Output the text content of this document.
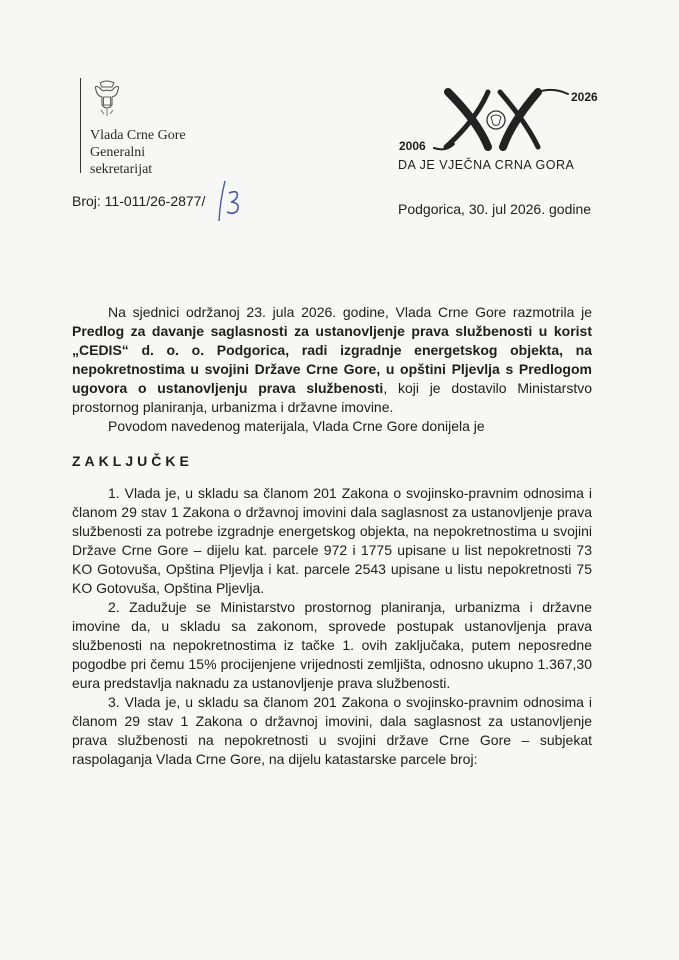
Vlada Crne Gore
Generalni
sekretarijat
2026
2006
DA JE VJEČNA CRNA GORA
Broj: 11-011/26-2877/	Podgorica, 30. jul 2026. godine

Na sjednici održanoj 23. jula 2026. godine, Vlada Crne Gore razmotrila je Predlog za davanje saglasnosti za ustanovljenje prava službenosti u korist „CEDIS“ d. o. o. Podgorica, radi izgradnje energetskog objekta, na nepokretnostima u svojini Države Crne Gore, u opštini Pljevlja s Predlogom ugovora o ustanovljenju prava službenosti, koji je dostavilo Ministarstvo prostornog planiranja, urbanizma i državne imovine.

Povodom navedenog materijala, Vlada Crne Gore donijela je

ZAKLJUČKE

1. Vlada je, u skladu sa članom 201 Zakona o svojinsko-pravnim odnosima i članom 29 stav 1 Zakona o državnoj imovini dala saglasnost za ustanovljenje prava službenosti za potrebe izgradnje energetskog objekta, na nepokretnostima u svojini Države Crne Gore – dijelu kat. parcele 972 i 1775 upisane u list nepokretnosti 73 KO Gotovuša, Opština Pljevlja i kat. parcele 2543 upisane u listu nepokretnosti 75 KO Gotovuša, Opština Pljevlja.

2. Zadužuje se Ministarstvo prostornog planiranja, urbanizma i državne imovine da, u skladu sa zakonom, sprovede postupak ustanovljenja prava službenosti na nepokretnostima iz tačke 1. ovih zaključaka, putem neposredne pogodbe pri čemu 15% procijenjene vrijednosti zemljišta, odnosno ukupno 1.367,30 eura predstavlja naknadu za ustanovljenje prava službenosti.

3. Vlada je, u skladu sa članom 201 Zakona o svojinsko-pravnim odnosima i članom 29 stav 1 Zakona o državnoj imovini, dala saglasnost za ustanovljenje prava službenosti na nepokretnosti u svojini države Crne Gore – subjekat raspolaganja Vlada Crne Gore, na dijelu katastarske parcele broj:
